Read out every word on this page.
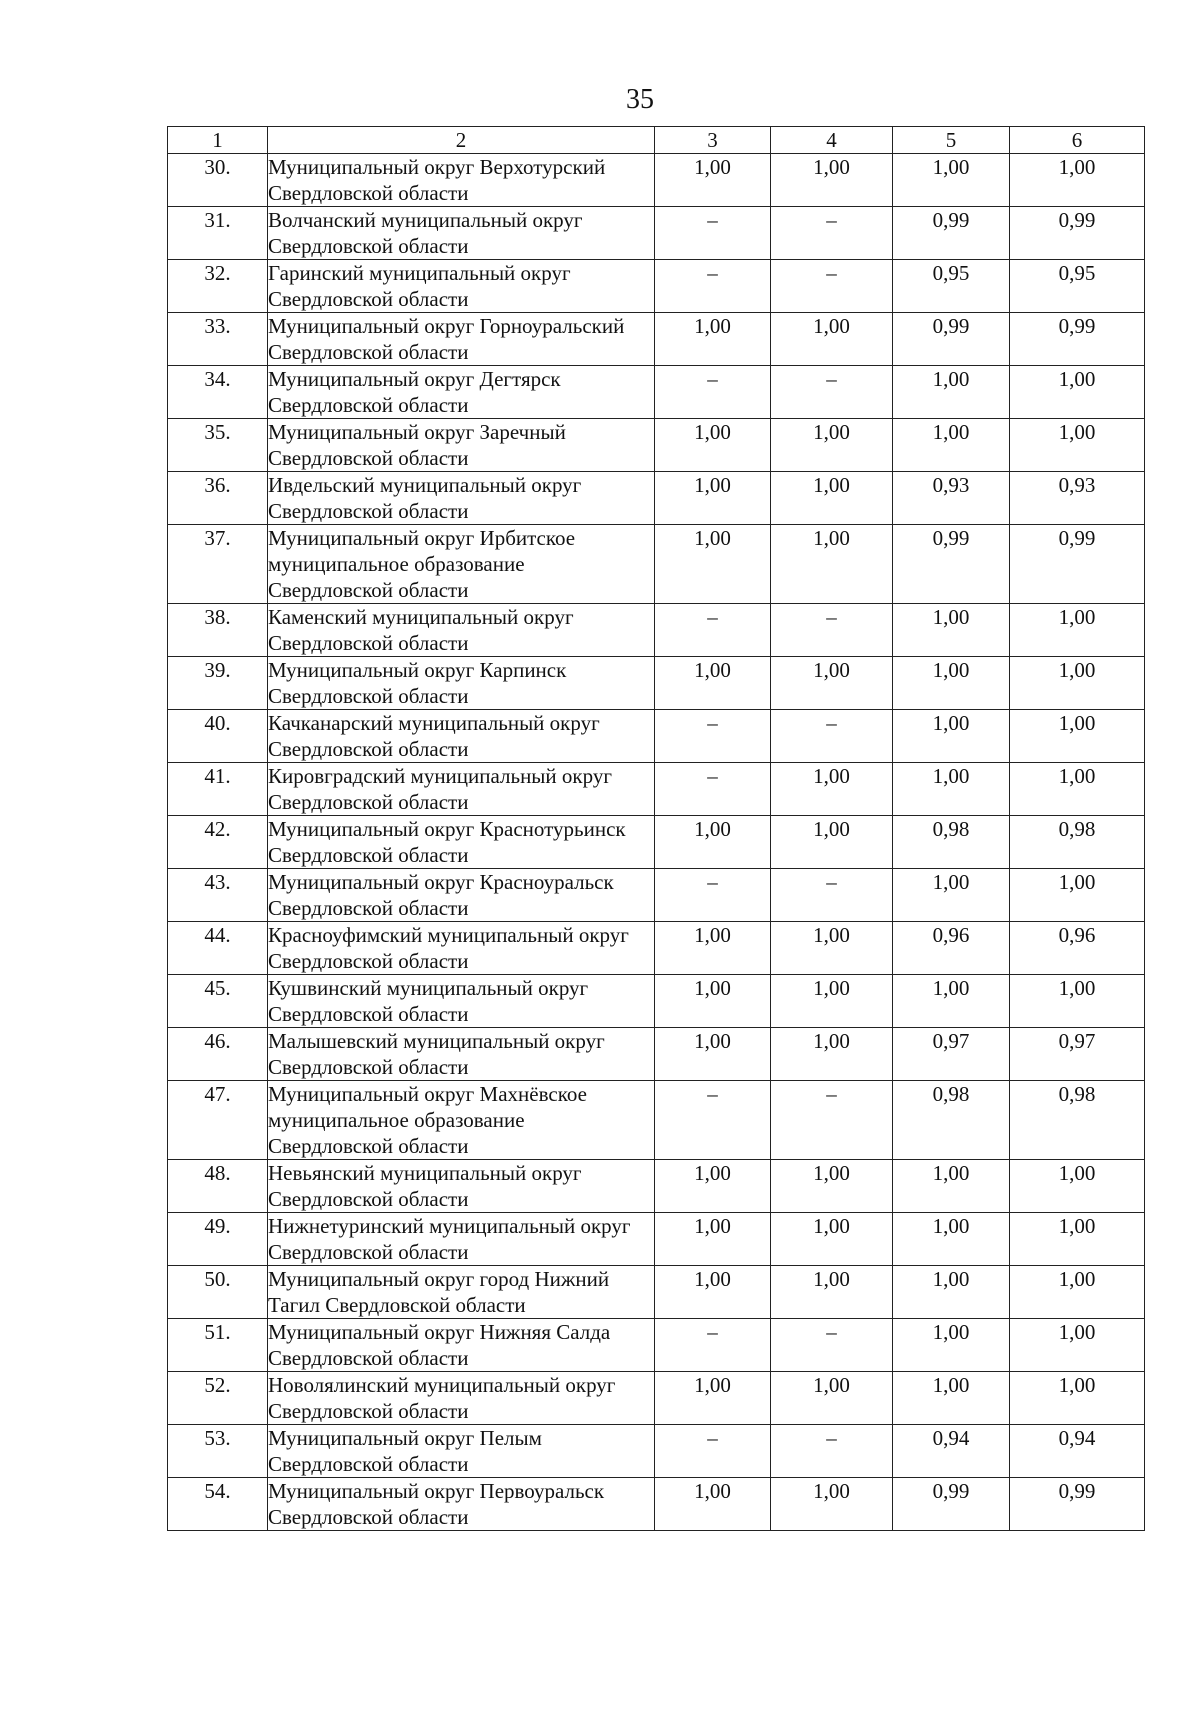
35
1	2	3	4	5	6
30.	Муниципальный округ Верхотурский Свердловской области	1,00	1,00	1,00	1,00
31.	Волчанский муниципальный округ Свердловской области	–	–	0,99	0,99
32.	Гаринский муниципальный округ Свердловской области	–	–	0,95	0,95
33.	Муниципальный округ Горноуральский Свердловской области	1,00	1,00	0,99	0,99
34.	Муниципальный округ Дегтярск Свердловской области	–	–	1,00	1,00
35.	Муниципальный округ Заречный Свердловской области	1,00	1,00	1,00	1,00
36.	Ивдельский муниципальный округ Свердловской области	1,00	1,00	0,93	0,93
37.	Муниципальный округ Ирбитское муниципальное образование Свердловской области	1,00	1,00	0,99	0,99
38.	Каменский муниципальный округ Свердловской области	–	–	1,00	1,00
39.	Муниципальный округ Карпинск Свердловской области	1,00	1,00	1,00	1,00
40.	Качканарский муниципальный округ Свердловской области	–	–	1,00	1,00
41.	Кировградский муниципальный округ Свердловской области	–	1,00	1,00	1,00
42.	Муниципальный округ Краснотурьинск Свердловской области	1,00	1,00	0,98	0,98
43.	Муниципальный округ Красноуральск Свердловской области	–	–	1,00	1,00
44.	Красноуфимский муниципальный округ Свердловской области	1,00	1,00	0,96	0,96
45.	Кушвинский муниципальный округ Свердловской области	1,00	1,00	1,00	1,00
46.	Малышевский муниципальный округ Свердловской области	1,00	1,00	0,97	0,97
47.	Муниципальный округ Махнёвское муниципальное образование Свердловской области	–	–	0,98	0,98
48.	Невьянский муниципальный округ Свердловской области	1,00	1,00	1,00	1,00
49.	Нижнетуринский муниципальный округ Свердловской области	1,00	1,00	1,00	1,00
50.	Муниципальный округ город Нижний Тагил Свердловской области	1,00	1,00	1,00	1,00
51.	Муниципальный округ Нижняя Салда Свердловской области	–	–	1,00	1,00
52.	Новолялинский муниципальный округ Свердловской области	1,00	1,00	1,00	1,00
53.	Муниципальный округ Пелым Свердловской области	–	–	0,94	0,94
54.	Муниципальный округ Первоуральск Свердловской области	1,00	1,00	0,99	0,99
